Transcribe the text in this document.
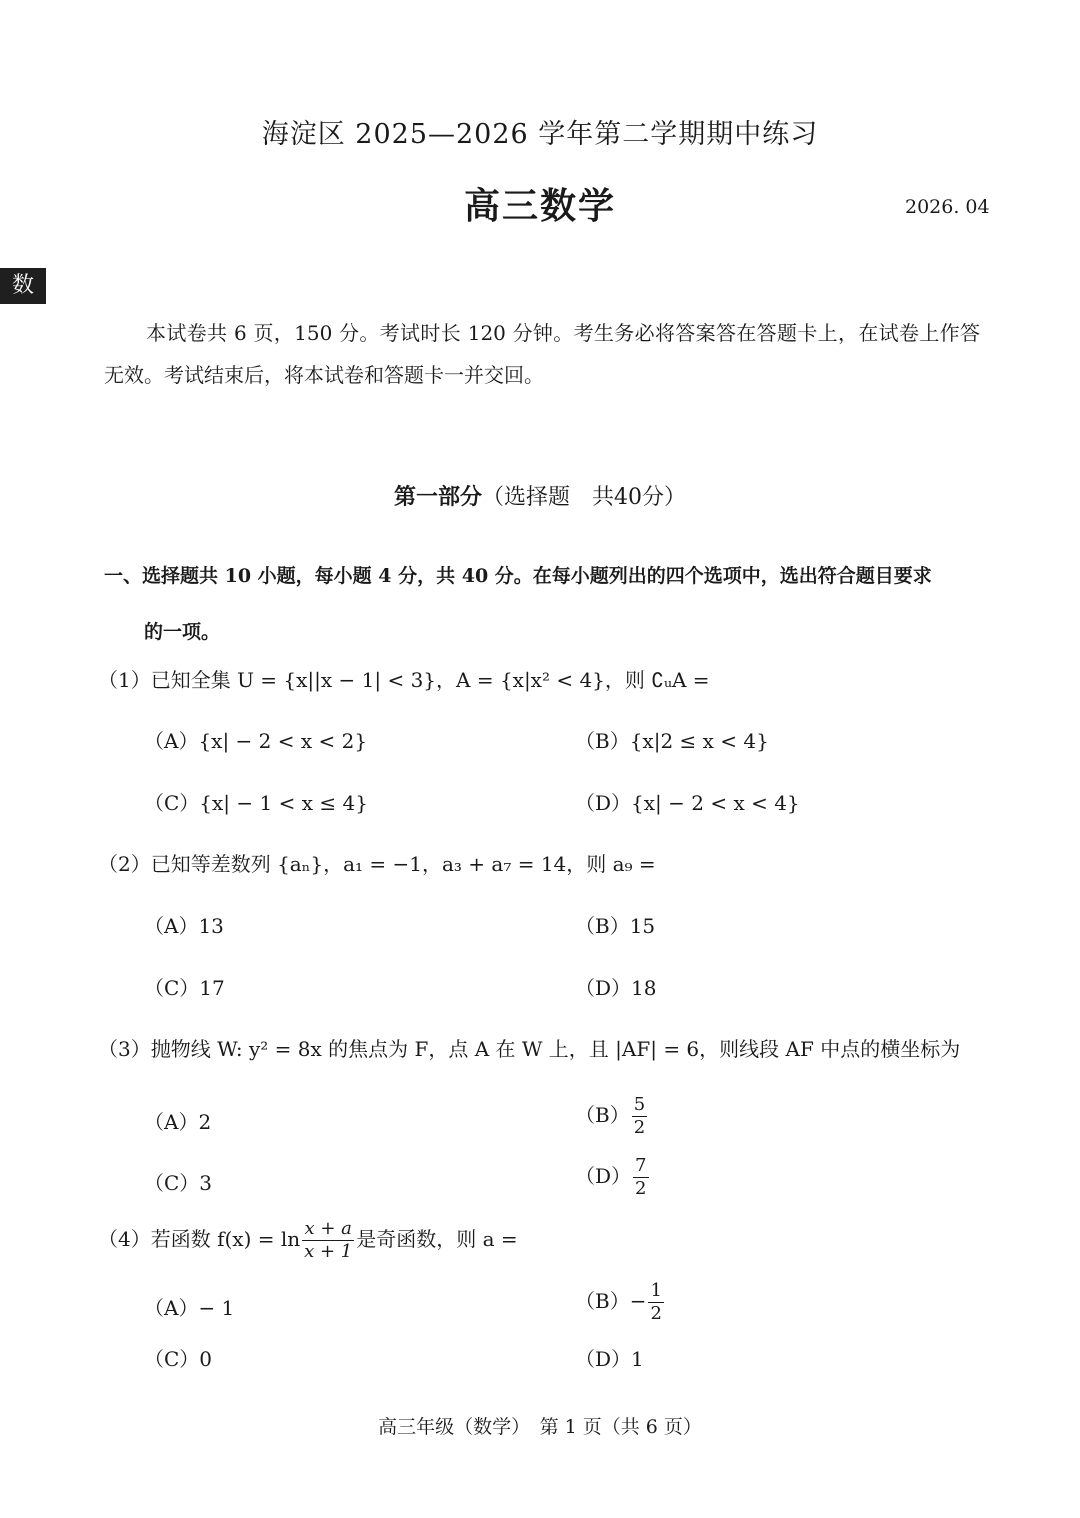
海淀区 2025—2026 学年第二学期期中练习
高三数学	2026. 04
数
本试卷共 6 页，150 分。考试时长 120 分钟。考生务必将答案答在答题卡上，在试卷上作答无效。考试结束后，将本试卷和答题卡一并交回。
第一部分（选择题　共40分）
一、选择题共 10 小题，每小题 4 分，共 40 分。在每小题列出的四个选项中，选出符合题目要求
的一项。
（1）已知全集 U = {x||x − 1| < 3}，A = {x|x² < 4}，则 ∁ᵤA =
（A）{x| − 2 < x < 2}	（B）{x|2 ≤ x < 4}
（C）{x| − 1 < x ≤ 4}	（D）{x| − 2 < x < 4}
（2）已知等差数列 {aₙ}，a₁ = −1，a₃ + a₇ = 14，则 a₉ =
（A）13	（B）15
（C）17	（D）18
（3）抛物线 W: y² = 8x 的焦点为 F，点 A 在 W 上，且 |AF| = 6，则线段 AF 中点的横坐标为
（A）2	$(B) \frac{5}{2}$
（C）3	$(D) \frac{7}{2}$
（4）若函数 $f(x) = \ln \frac{x + a}{x + 1}$ 是奇函数，则 a =
（A）− 1	$(B)- \frac{1}{2}$
（C）0	（D）1
高三年级（数学）　第 1 页（共 6 页）
